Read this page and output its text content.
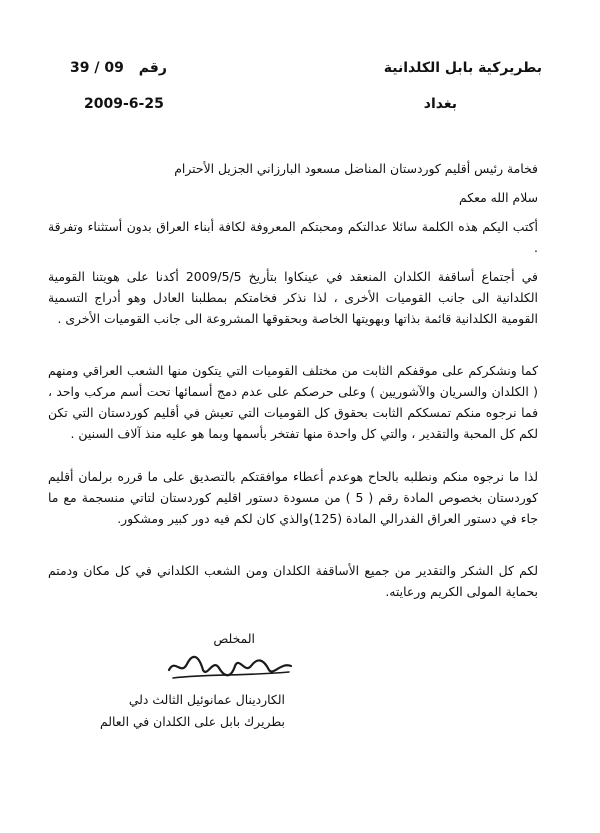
بطريركية بابل الكلدانية
بغداد
39 / 09 رقم
2009-6-25
فخامة رئيس أقليم كوردستان المناضل مسعود البارزاني الجزيل الأحترام
سلام الله معكم
أكتب اليكم هذه الكلمة سائلا عدالتكم ومحبتكم المعروفة لكافة أبناء العراق بدون أستثناء وتفرقة .
في أجتماع أساقفة الكلدان المنعقد في عينكاوا بتأريخ 2009/5/5 أكدنا على هويتنا القومية الكلدانية الى جانب القوميات الأخرى ، لذا نذكر فخامتكم بمطلبنا العادل وهو أدراج التسمية القومية الكلدانية قائمة بذاتها وبهويتها الخاصة وبحقوقها المشروعة الى جانب القوميات الأخرى .
كما ونشكركم على موقفكم الثابت من مختلف القوميات التي يتكون منها الشعب العراقي ومنهم ( الكلدان والسريان والآشوريين ) وعلى حرصكم على عدم دمج أسمائها تحت أسم مركب واحد ، فما نرجوه منكم تمسككم الثابت بحقوق كل القوميات التي تعيش في أقليم كوردستان التي تكن لكم كل المحبة والتقدير ، والتي كل واحدة منها تفتخر بأسمها وبما هو عليه منذ آلاف السنين .
لذا ما نرجوه منكم ونطلبه بالحاح هوعدم أعطاء موافقتكم بالتصديق على ما قرره برلمان أقليم كوردستان بخصوص المادة رقم ( 5 ) من مسودة دستور اقليم كوردستان لتاتي منسجمة مع ما جاء في دستور العراق الفدرالي المادة (125)والذي كان لكم فيه دور كبير ومشكور.
لكم كل الشكر والتقدير من جميع الأساقفة الكلدان ومن الشعب الكلداني في كل مكان ودمتم بحماية المولى الكريم ورعايته.
المخلص
الكاردينال عمانوئيل الثالث دلي
بطريرك بابل على الكلدان في العالم
